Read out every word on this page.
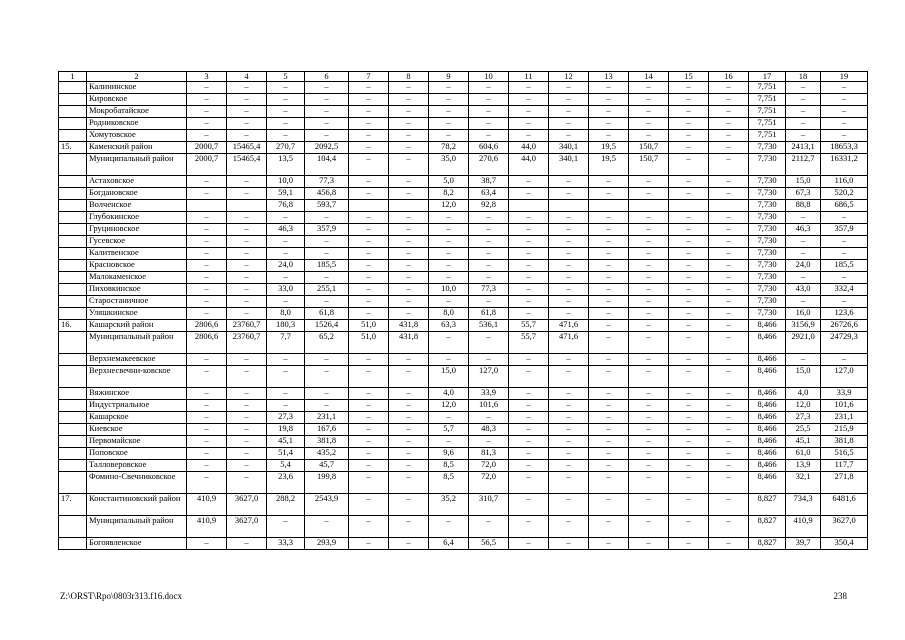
1	2	3	4	5	6	7	8	9	10	11	12	13	14	15	16	17	18	19
	Калининское	–	–	–	–	–	–	–	–	–	–	–	–	–	–	7,751	–	–
	Кировское	–	–	–	–	–	–	–	–	–	–	–	–	–	–	7,751	–	–
	Мокробатайское	–	–	–	–	–	–	–	–	–	–	–	–	–	–	7,751	–	–
	Родниковское	–	–	–	–	–	–	–	–	–	–	–	–	–	–	7,751	–	–
	Хомутовское	–	–	–	–	–	–	–	–	–	–	–	–	–	–	7,751	–	–
15.	Каменский район	2000,7	15465,4	270,7	2092,5	–	–	78,2	604,6	44,0	340,1	19,5	150,7	–	–	7,730	2413,1	18653,3
	Муниципальный район	2000,7	15465,4	13,5	104,4	–	–	35,0	270,6	44,0	340,1	19,5	150,7	–	–	7,730	2112,7	16331,2
	Астаховское	–	–	10,0	77,3	–	–	5,0	38,7	–	–	–	–	–	–	7,730	15,0	116,0
	Богдановское	–	–	59,1	456,8	–	–	8,2	63,4	–	–	–	–	–	–	7,730	67,3	520,2
	Волченское			76,8	593,7			12,0	92,8							7,730	88,8	686,5
	Глубокинское	–	–	–	–	–	–	–	–	–	–	–	–	–	–	7,730	–	–
	Груциновское	–	–	46,3	357,9	–	–	–	–	–	–	–	–	–	–	7,730	46,3	357,9
	Гусевское	–	–	–	–	–	–	–	–	–	–	–	–	–	–	7,730	–	–
	Калитвенское	–	–	–	–	–	–	–	–	–	–	–	–	–	–	7,730	–	–
	Красновское	–	–	24,0	185,5	–	–	–	–	–	–	–	–	–	–	7,730	24,0	185,5
	Малокаменское	–	–	–	–	–	–	–	–	–	–	–	–	–	–	7,730	–	–
	Пиховкинское	–	–	33,0	255,1	–	–	10,0	77,3	–	–	–	–	–	–	7,730	43,0	332,4
	Старостаничное	–	–	–	–	–	–	–	–	–	–	–	–	–	–	7,730	–	–
	Уляшкинское	–	–	8,0	61,8	–	–	8,0	61,8	–	–	–	–	–	–	7,730	16,0	123,6
16.	Кашарский район	2806,6	23760,7	180,3	1526,4	51,0	431,8	63,3	536,1	55,7	471,6	–	–	–	–	8,466	3156,9	26726,6
	Муниципальный район	2806,6	23760,7	7,7	65,2	51,0	431,8	–	–	55,7	471,6	–	–	–	–	8,466	2921,0	24729,3
	Верхнемакеевское	–	–	–	–	–	–	–	–	–	–	–	–	–	–	8,466	–	–
	Верхнесвечни-ковское	–	–	–	–	–	–	15,0	127,0	–	–	–	–	–	–	8,466	15,0	127,0
	Вяжинское	–	–	–	–	–	–	4,0	33,9	–	–	–	–	–	–	8,466	4,0	33,9
	Индустриальное	–	–	–	–	–	–	12,0	101,6	–	–	–	–	–	–	8,466	12,0	101,6
	Кашарское	–	–	27,3	231,1	–	–	–	–	–	–	–	–	–	–	8,466	27,3	231,1
	Киевское	–	–	19,8	167,6	–	–	5,7	48,3	–	–	–	–	–	–	8,466	25,5	215,9
	Первомайское	–	–	45,1	381,8	–	–	–	–	–	–	–	–	–	–	8,466	45,1	381,8
	Поповское	–	–	51,4	435,2	–	–	9,6	81,3	–	–	–	–	–	–	8,466	61,0	516,5
	Талловеровское	–	–	5,4	45,7	–	–	8,5	72,0	–	–	–	–	–	–	8,466	13,9	117,7
	Фомино-Свечниковское	–	–	23,6	199,8	–	–	8,5	72,0	–	–	–	–	–	–	8,466	32,1	271,8
17.	Константиновский район	410,9	3627,0	288,2	2543,9	–	–	35,2	310,7	–	–	–	–	–	–	8,827	734,3	6481,6
	Муниципальный район	410,9	3627,0	–	–	–	–	–	–	–	–	–	–	–	–	8,827	410,9	3627,0
	Богоявленское	–	–	33,3	293,9	–	–	6,4	56,5	–	–	–	–	–	–	8,827	39,7	350,4
Z:\ORST\Rpo\0803r313.f16.docx	238
